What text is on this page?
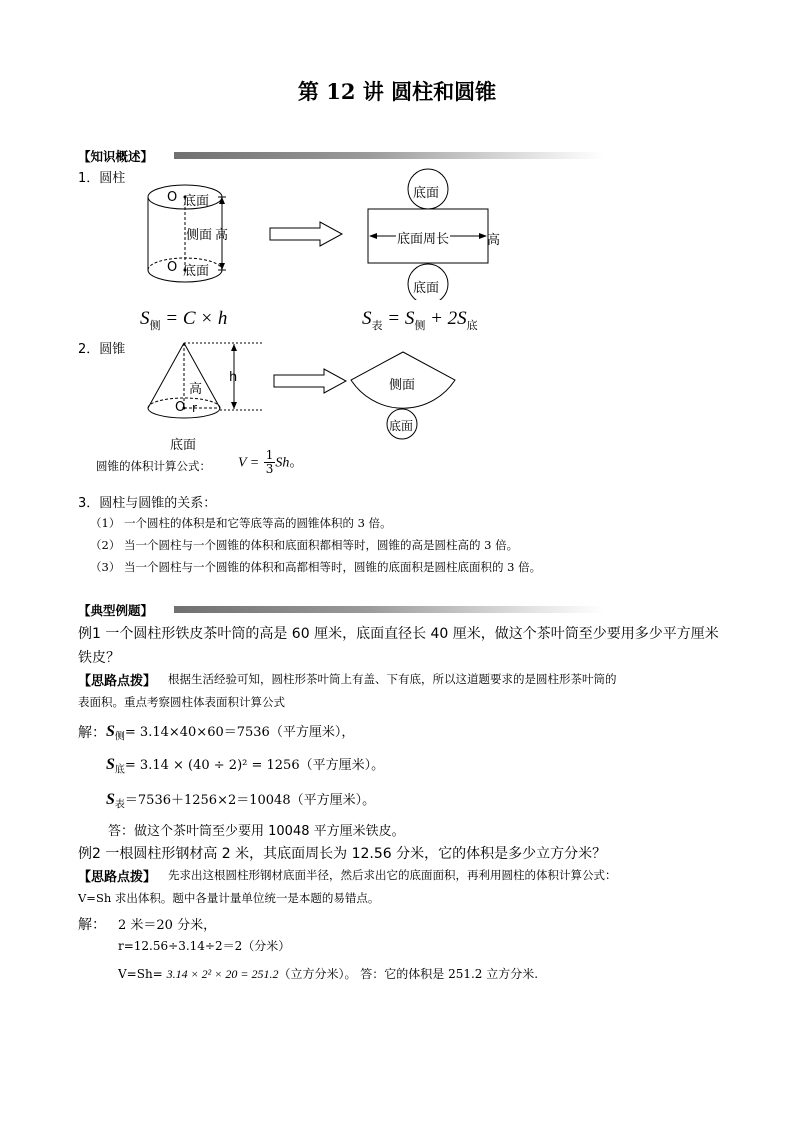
第 12 讲 圆柱和圆锥
【知识概述】
1．圆柱
O 底面
侧面 高
O 底面
底面
底面周长	高
底面
$S_侧 = C \times h$	$S_表 = S_侧 + 2S_底$
2．圆锥
高
h
O r
底面
侧面
底面
圆锥的体积计算公式： $V = \frac{1}{3}$ Sh。
3．圆柱与圆锥的关系：
（1） 一个圆柱的体积是和它等底等高的圆锥体积的 3 倍。
（2） 当一个圆柱与一个圆锥的体积和底面积都相等时，圆锥的高是圆柱高的 3 倍。
（3） 当一个圆柱与一个圆锥的体积和高都相等时，圆锥的底面积是圆柱底面积的 3 倍。
【典型例题】
例1 一个圆柱形铁皮茶叶筒的高是 60 厘米，底面直径长 40 厘米，做这个茶叶筒至少要用多少平方厘米
铁皮？
【思路点拨】 根据生活经验可知，圆柱形茶叶筒上有盖、下有底，所以这道题要求的是圆柱形茶叶筒的
表面积。重点考察圆柱体表面积计算公式
解： $S_侧= 3.14\times 40\times 60=7536$（平方厘米），
$S_底= 3.14 \times (40 \div 2)^2 = 1256$（平方厘米）。
$S_表=7536+1256\times 2=10048$（平方厘米）。
答：做这个茶叶筒至少要用 10048 平方厘米铁皮。
例2 一根圆柱形钢材高 2 米，其底面周长为 12.56 分米，它的体积是多少立方分米？
【思路点拨】 先求出这根圆柱形钢材底面半径，然后求出它的底面面积，再利用圆柱的体积计算公式：
V=Sh 求出体积。题中各量计量单位统一是本题的易错点。
解： 2 米＝20 分米，
r=12.56÷3.14÷2＝2（分米）
V=Sh= 3.14 × 2² × 20 = 251.2（立方分米）。 答：它的体积是 251.2 立方分米.
